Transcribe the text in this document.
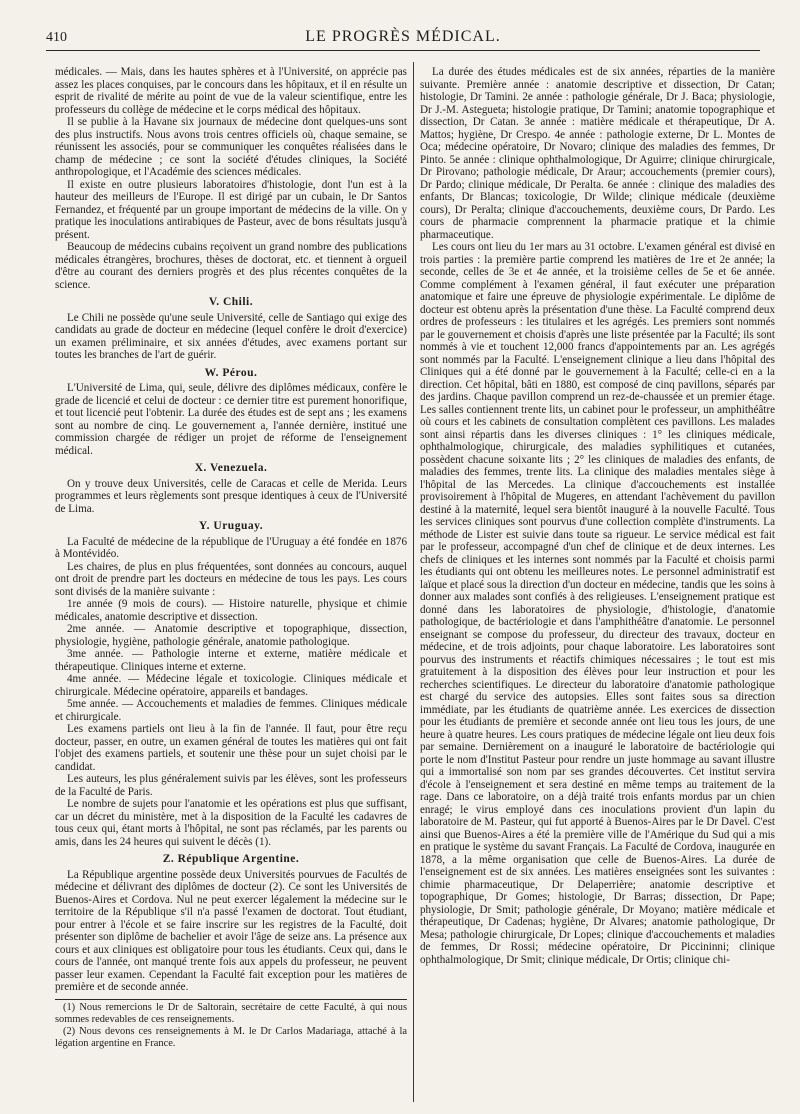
410	LE PROGRÈS MÉDICAL.

médicales. — Mais, dans les hautes sphères et à l'Université, on apprécie pas assez les places conquises, par le concours dans les hôpitaux, et il en résulte un esprit de rivalité de mérite au point de vue de la valeur scientifique, entre les professeurs du collège de médecine et le corps médical des hôpitaux.

Il se publie à la Havane six journaux de médecine dont quelques-uns sont des plus instructifs. Nous avons trois centres officiels où, chaque semaine, se réunissent les associés, pour se communiquer les conquêtes réalisées dans le champ de médecine ; ce sont la société d'études cliniques, la Société anthropologique, et l'Académie des sciences médicales.

Il existe en outre plusieurs laboratoires d'histologie, dont l'un est à la hauteur des meilleurs de l'Europe. Il est dirigé par un cubain, le Dr Santos Fernandez, et fréquenté par un groupe important de médecins de la ville. On y pratique les inoculations antirabiques de Pasteur, avec de bons résultats jusqu'à présent.

Beaucoup de médecins cubains reçoivent un grand nombre des publications médicales étrangères, brochures, thèses de doctorat, etc. et tiennent à orgueil d'être au courant des derniers progrès et des plus récentes conquêtes de la science.

V. Chili.

Le Chili ne possède qu'une seule Université, celle de Santiago qui exige des candidats au grade de docteur en médecine (lequel confère le droit d'exercice) un examen préliminaire, et six années d'études, avec examens portant sur toutes les branches de l'art de guérir.

W. Pérou.

L'Université de Lima, qui, seule, délivre des diplômes médicaux, confère le grade de licencié et celui de docteur : ce dernier titre est purement honorifique, et tout licencié peut l'obtenir. La durée des études est de sept ans ; les examens sont au nombre de cinq. Le gouvernement a, l'année dernière, institué une commission chargée de rédiger un projet de réforme de l'enseignement médical.

X. Venezuela.

On y trouve deux Universités, celle de Caracas et celle de Merida. Leurs programmes et leurs règlements sont presque identiques à ceux de l'Université de Lima.

Y. Uruguay.

La Faculté de médecine de la république de l'Uruguay a été fondée en 1876 à Montévidéo.

Les chaires, de plus en plus fréquentées, sont données au concours, auquel ont droit de prendre part les docteurs en médecine de tous les pays. Les cours sont divisés de la manière suivante :

1re année (9 mois de cours). — Histoire naturelle, physique et chimie médicales, anatomie descriptive et dissection.

2me année. — Anatomie descriptive et topographique, dissection, physiologie, hygiène, pathologie générale, anatomie pathologique.

3me année. — Pathologie interne et externe, matière médicale et thérapeutique. Cliniques interne et externe.

4me année. — Médecine légale et toxicologie. Cliniques médicale et chirurgicale. Médecine opératoire, appareils et bandages.

5me année. — Accouchements et maladies de femmes. Cliniques médicale et chirurgicale.

Les examens partiels ont lieu à la fin de l'année. Il faut, pour être reçu docteur, passer, en outre, un examen général de toutes les matières qui ont fait l'objet des examens partiels, et soutenir une thèse pour un sujet choisi par le candidat.

Les auteurs, les plus généralement suivis par les élèves, sont les professeurs de la Faculté de Paris.

Le nombre de sujets pour l'anatomie et les opérations est plus que suffisant, car un décret du ministère, met à la disposition de la Faculté les cadavres de tous ceux qui, étant morts à l'hôpital, ne sont pas réclamés, par les parents ou amis, dans les 24 heures qui suivent le décès (1).

Z. République Argentine.

La République argentine possède deux Universités pourvues de Facultés de médecine et délivrant des diplômes de docteur (2). Ce sont les Universités de Buenos-Aires et Cordova. Nul ne peut exercer légalement la médecine sur le territoire de la République s'il n'a passé l'examen de doctorat. Tout étudiant, pour entrer à l'école et se faire inscrire sur les registres de la Faculté, doit présenter son diplôme de bachelier et avoir l'âge de seize ans. La présence aux cours et aux cliniques est obligatoire pour tous les étudiants. Ceux qui, dans le cours de l'année, ont manqué trente fois aux appels du professeur, ne peuvent passer leur examen. Cependant la Faculté fait exception pour les matières de première et de seconde année.

(1) Nous remercions le Dr de Saltorain, secrétaire de cette Faculté, à qui nous sommes redevables de ces renseignements.

(2) Nous devons ces renseignements à M. le Dr Carlos Madariaga, attaché à la légation argentine en France.

La durée des études médicales est de six années, réparties de la manière suivante. Première année : anatomie descriptive et dissection, Dr Catan; histologie, Dr Tamini. 2e année : pathologie générale, Dr J. Baca; physiologie, Dr J.-M. Astegueta; histologie pratique, Dr Tamini; anatomie topographique et dissection, Dr Catan. 3e année : matière médicale et thérapeutique, Dr A. Mattos; hygiène, Dr Crespo. 4e année : pathologie externe, Dr L. Montes de Oca; médecine opératoire, Dr Novaro; clinique des maladies des femmes, Dr Pinto. 5e année : clinique ophthalmologique, Dr Aguirre; clinique chirurgicale, Dr Pirovano; pathologie médicale, Dr Araur; accouchements (premier cours), Dr Pardo; clinique médicale, Dr Peralta. 6e année : clinique des maladies des enfants, Dr Blancas; toxicologie, Dr Wilde; clinique médicale (deuxième cours), Dr Peralta; clinique d'accouchements, deuxième cours, Dr Pardo. Les cours de pharmacie comprennent la pharmacie pratique et la chimie pharmaceutique.

Les cours ont lieu du 1er mars au 31 octobre. L'examen général est divisé en trois parties : la première partie comprend les matières de 1re et 2e année; la seconde, celles de 3e et 4e année, et la troisième celles de 5e et 6e année. Comme complément à l'examen général, il faut exécuter une préparation anatomique et faire une épreuve de physiologie expérimentale. Le diplôme de docteur est obtenu après la présentation d'une thèse. La Faculté comprend deux ordres de professeurs : les titulaires et les agrégés. Les premiers sont nommés par le gouvernement et choisis d'après une liste présentée par la Faculté; ils sont nommés à vie et touchent 12,000 francs d'appointements par an. Les agrégés sont nommés par la Faculté. L'enseignement clinique a lieu dans l'hôpital des Cliniques qui a été donné par le gouvernement à la Faculté; celle-ci en a la direction. Cet hôpital, bâti en 1880, est composé de cinq pavillons, séparés par des jardins. Chaque pavillon comprend un rez-de-chaussée et un premier étage. Les salles contiennent trente lits, un cabinet pour le professeur, un amphithéâtre où cours et les cabinets de consultation complètent ces pavillons. Les malades sont ainsi répartis dans les diverses cliniques : 1° les cliniques médicale, ophthalmologique, chirurgicale, des maladies syphilitiques et cutanées, possèdent chacune soixante lits ; 2° les cliniques de maladies des enfants, de maladies des femmes, trente lits. La clinique des maladies mentales siège à l'hôpital de las Mercedes. La clinique d'accouchements est installée provisoirement à l'hôpital de Mugeres, en attendant l'achèvement du pavillon destiné à la maternité, lequel sera bientôt inauguré à la nouvelle Faculté. Tous les services cliniques sont pourvus d'une collection complète d'instruments. La méthode de Lister est suivie dans toute sa rigueur. Le service médical est fait par le professeur, accompagné d'un chef de clinique et de deux internes. Les chefs de cliniques et les internes sont nommés par la Faculté et choisis parmi les étudiants qui ont obtenu les meilleures notes. Le personnel administratif est laïque et placé sous la direction d'un docteur en médecine, tandis que les soins à donner aux malades sont confiés à des religieuses. L'enseignement pratique est donné dans les laboratoires de physiologie, d'histologie, d'anatomie pathologique, de bactériologie et dans l'amphithéâtre d'anatomie. Le personnel enseignant se compose du professeur, du directeur des travaux, docteur en médecine, et de trois adjoints, pour chaque laboratoire. Les laboratoires sont pourvus des instruments et réactifs chimiques nécessaires ; le tout est mis gratuitement à la disposition des élèves pour leur instruction et pour les recherches scientifiques. Le directeur du laboratoire d'anatomie pathologique est chargé du service des autopsies. Elles sont faites sous sa direction immédiate, par les étudiants de quatrième année. Les exercices de dissection pour les étudiants de première et seconde année ont lieu tous les jours, de une heure à quatre heures. Les cours pratiques de médecine légale ont lieu deux fois par semaine. Dernièrement on a inauguré le laboratoire de bactériologie qui porte le nom d'Institut Pasteur pour rendre un juste hommage au savant illustre qui a immortalisé son nom par ses grandes découvertes. Cet institut servira d'école à l'enseignement et sera destiné en même temps au traitement de la rage. Dans ce laboratoire, on a déjà traité trois enfants mordus par un chien enragé; le virus employé dans ces inoculations provient d'un lapin du laboratoire de M. Pasteur, qui fut apporté à Buenos-Aires par le Dr Davel. C'est ainsi que Buenos-Aires a été la première ville de l'Amérique du Sud qui a mis en pratique le système du savant Français. La Faculté de Cordova, inaugurée en 1878, a la même organisation que celle de Buenos-Aires. La durée de l'enseignement est de six années. Les matières enseignées sont les suivantes : chimie pharmaceutique, Dr Delaperrière; anatomie descriptive et topographique, Dr Gomes; histologie, Dr Barras; dissection, Dr Pape; physiologie, Dr Smit; pathologie générale, Dr Moyano; matière médicale et thérapeutique, Dr Cadenas; hygiène, Dr Alvares; anatomie pathologique, Dr Mesa; pathologie chirurgicale, Dr Lopes; clinique d'accouchements et maladies de femmes, Dr Rossi; médecine opératoire, Dr Piccininni; clinique ophthalmologique, Dr Smit; clinique médicale, Dr Ortis; clinique chi-
